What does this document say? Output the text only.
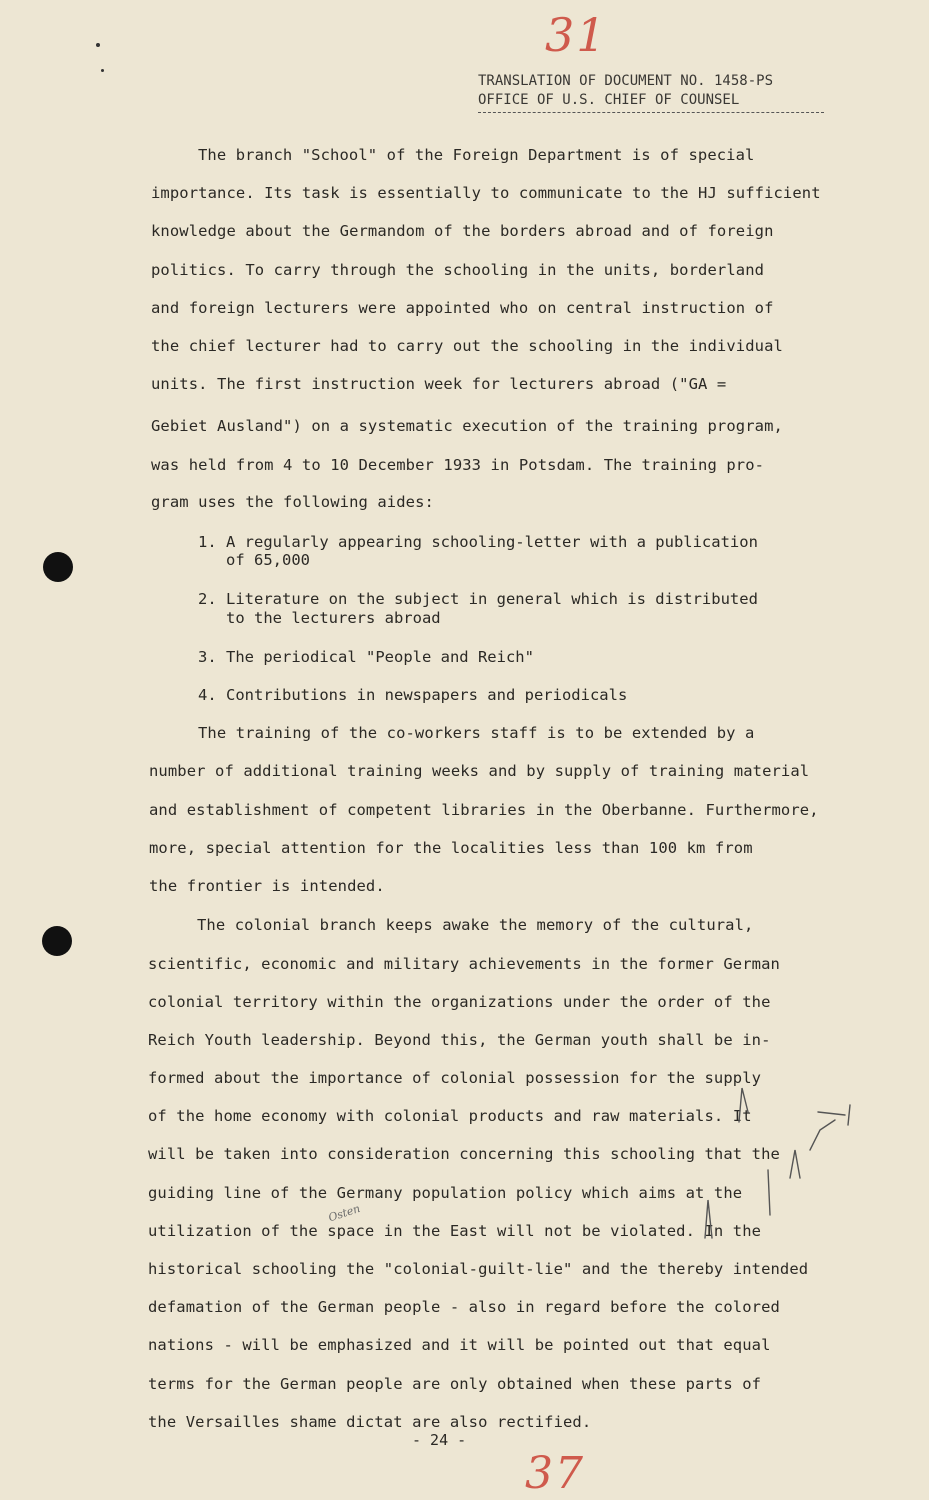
31
TRANSLATION OF DOCUMENT NO. 1458-PS
OFFICE OF U.S. CHIEF OF COUNSEL
The branch "School" of the Foreign Department is of special
importance. Its task is essentially to communicate to the HJ sufficient
knowledge about the Germandom of the borders abroad and of foreign
politics. To carry through the schooling in the units, borderland
and foreign lecturers were appointed who on central instruction of
the chief lecturer had to carry out the schooling in the individual
units. The first instruction week for lecturers abroad ("GA =
Gebiet Ausland") on a systematic execution of the training program,
was held from 4 to 10 December 1933 in Potsdam. The training pro-
gram uses the following aides:
1. A regularly appearing schooling-letter with a publication
of 65,000
2. Literature on the subject in general which is distributed
to the lecturers abroad
3. The periodical "People and Reich"
4. Contributions in newspapers and periodicals
The training of the co-workers staff is to be extended by a
number of additional training weeks and by supply of training material
and establishment of competent libraries in the Oberbanne. Furthermore,
more, special attention for the localities less than 100 km from
the frontier is intended.
The colonial branch keeps awake the memory of the cultural,
scientific, economic and military achievements in the former German
colonial territory within the organizations under the order of the
Reich Youth leadership. Beyond this, the German youth shall be in-
formed about the importance of colonial possession for the supply
of the home economy with colonial products and raw materials. It
will be taken into consideration concerning this schooling that the
guiding line of the Germany population policy which aims at the
utilization of the space in the East will not be violated. In the
historical schooling the "colonial-guilt-lie" and the thereby intended
defamation of the German people - also in regard before the colored
nations - will be emphasized and it will be pointed out that equal
terms for the German people are only obtained when these parts of
the Versailles shame dictat are also rectified.
- 24 -
37
Osten
